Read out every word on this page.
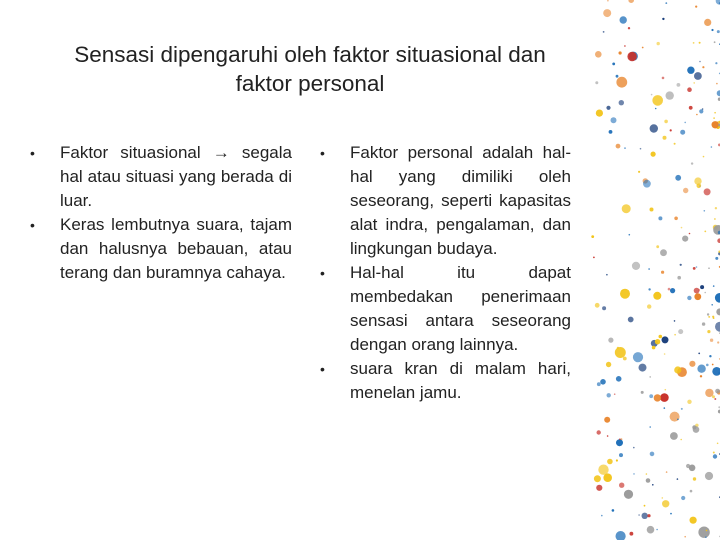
Sensasi dipengaruhi oleh faktor situasional dan
faktor personal
•	Faktor situasional → segala hal atau situasi yang berada di luar.
•	Keras lembutnya suara, tajam dan halusnya bebauan, atau terang dan buramnya cahaya.
•	Faktor personal adalah hal-hal yang dimiliki oleh seseorang, seperti kapasitas alat indra, pengalaman, dan lingkungan budaya.
•	Hal-hal itu dapat membedakan penerimaan sensasi antara seseorang dengan orang lainnya.
•	suara kran di malam hari, menelan jamu.
